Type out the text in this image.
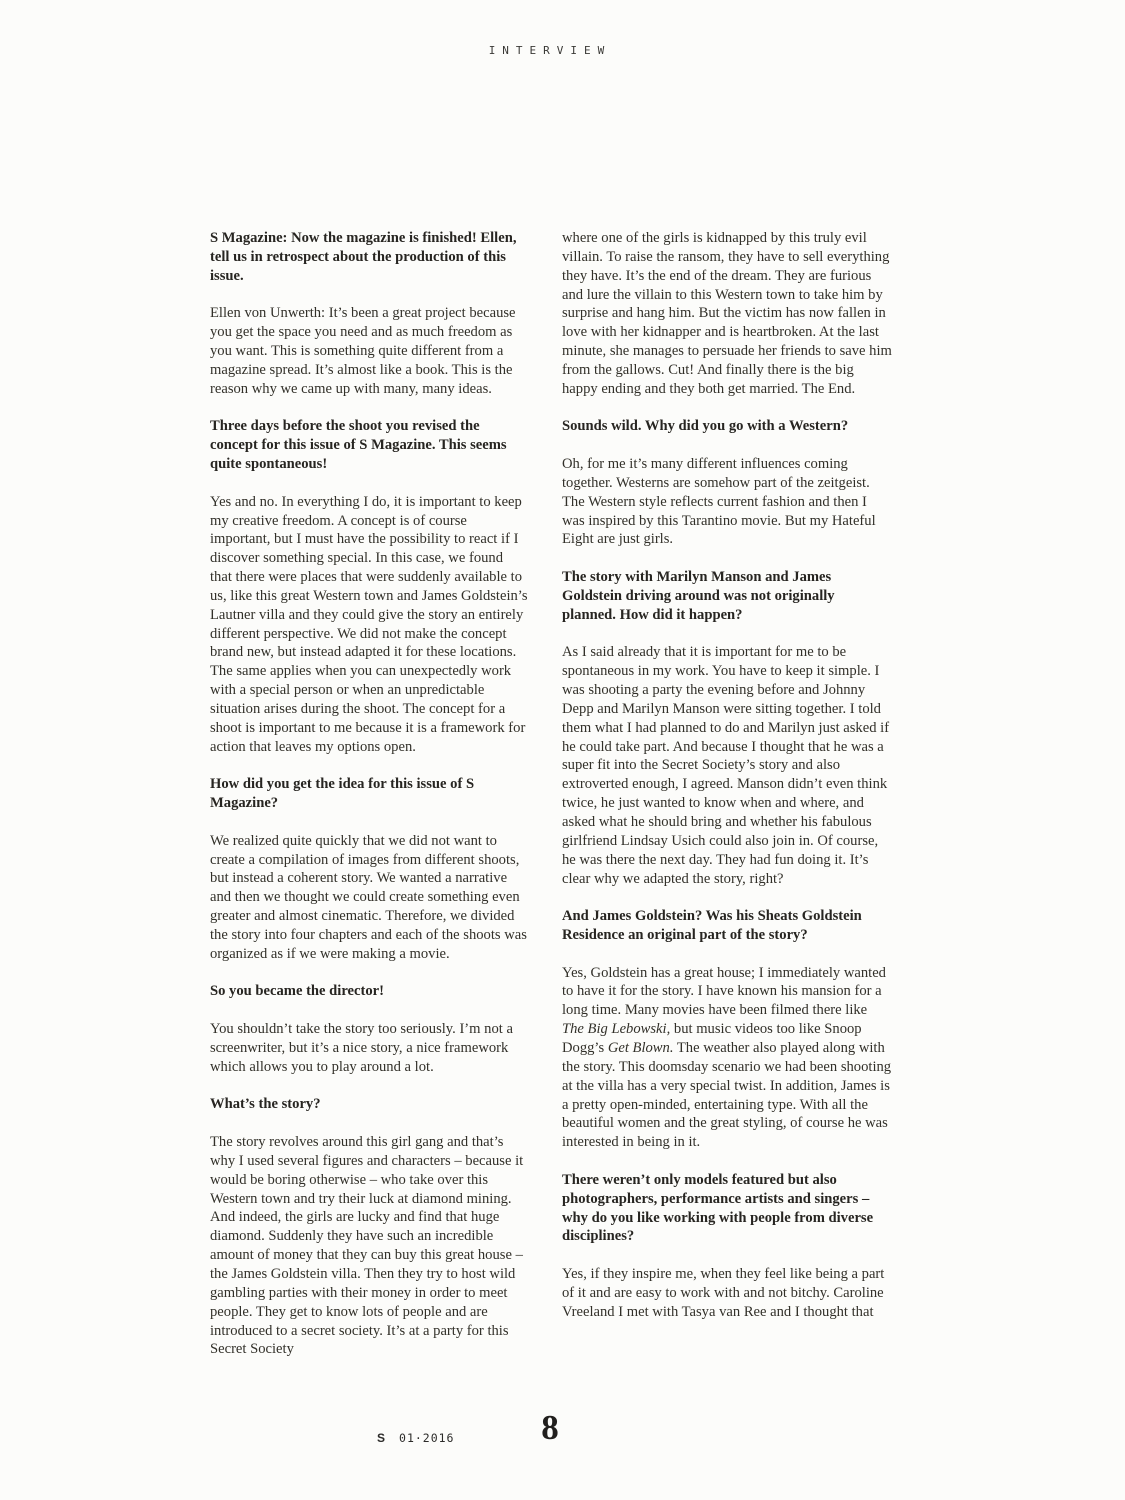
INTERVIEW

S Magazine: Now the magazine is finished! Ellen, tell us in retrospect about the production of this issue.

Ellen von Unwerth: It’s been a great project because you get the space you need and as much freedom as you want. This is something quite different from a magazine spread. It’s almost like a book. This is the reason why we came up with many, many ideas.

Three days before the shoot you revised the concept for this issue of S Magazine. This seems quite spontaneous!

Yes and no. In everything I do, it is important to keep my creative freedom. A concept is of course important, but I must have the possibility to react if I discover something special. In this case, we found that there were places that were suddenly available to us, like this great Western town and James Goldstein’s Lautner villa and they could give the story an entirely different perspective. We did not make the concept brand new, but instead adapted it for these locations. The same applies when you can unexpectedly work with a special person or when an unpredictable situation arises during the shoot. The concept for a shoot is important to me because it is a framework for action that leaves my options open.

How did you get the idea for this issue of S Magazine?

We realized quite quickly that we did not want to create a compilation of images from different shoots, but instead a coherent story. We wanted a narrative and then we thought we could create something even greater and almost cinematic. Therefore, we divided the story into four chapters and each of the shoots was organized as if we were making a movie.

So you became the director!

You shouldn’t take the story too seriously. I’m not a screenwriter, but it’s a nice story, a nice framework which allows you to play around a lot.

What’s the story?

The story revolves around this girl gang and that’s why I used several figures and characters – because it would be boring otherwise – who take over this Western town and try their luck at diamond mining. And indeed, the girls are lucky and find that huge diamond. Suddenly they have such an incredible amount of money that they can buy this great house – the James Goldstein villa. Then they try to host wild gambling parties with their money in order to meet people. They get to know lots of people and are introduced to a secret society. It’s at a party for this Secret Society

where one of the girls is kidnapped by this truly evil villain. To raise the ransom, they have to sell everything they have. It’s the end of the dream. They are furious and lure the villain to this Western town to take him by surprise and hang him. But the victim has now fallen in love with her kidnapper and is heartbroken. At the last minute, she manages to persuade her friends to save him from the gallows. Cut! And finally there is the big happy ending and they both get married. The End.

Sounds wild. Why did you go with a Western?

Oh, for me it’s many different influences coming together. Westerns are somehow part of the zeitgeist. The Western style reflects current fashion and then I was inspired by this Tarantino movie. But my Hateful Eight are just girls.

The story with Marilyn Manson and James Goldstein driving around was not originally planned. How did it happen?

As I said already that it is important for me to be spontaneous in my work. You have to keep it simple. I was shooting a party the evening before and Johnny Depp and Marilyn Manson were sitting together. I told them what I had planned to do and Marilyn just asked if he could take part. And because I thought that he was a super fit into the Secret Society’s story and also extroverted enough, I agreed. Manson didn’t even think twice, he just wanted to know when and where, and asked what he should bring and whether his fabulous girlfriend Lindsay Usich could also join in. Of course, he was there the next day. They had fun doing it. It’s clear why we adapted the story, right?

And James Goldstein? Was his Sheats Goldstein Residence an original part of the story?

Yes, Goldstein has a great house; I immediately wanted to have it for the story. I have known his mansion for a long time. Many movies have been filmed there like The Big Lebowski, but music videos too like Snoop Dogg’s Get Blown. The weather also played along with the story. This doomsday scenario we had been shooting at the villa has a very special twist. In addition, James is a pretty open-minded, entertaining type. With all the beautiful women and the great styling, of course he was interested in being in it.

There weren’t only models featured but also photographers, performance artists and singers – why do you like working with people from diverse disciplines?

Yes, if they inspire me, when they feel like being a part of it and are easy to work with and not bitchy. Caroline Vreeland I met with Tasya van Ree and I thought that

S 01·2016	8
